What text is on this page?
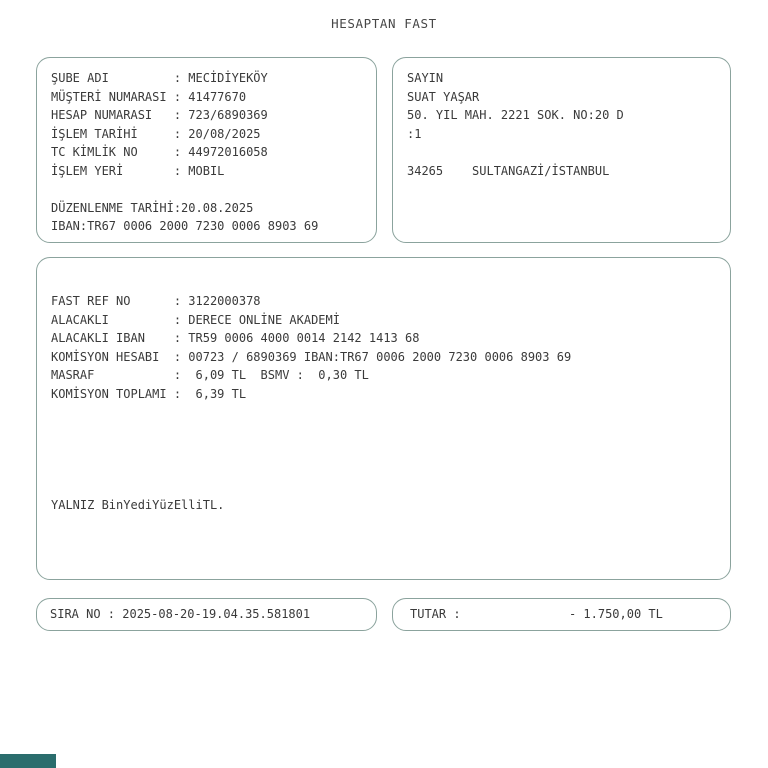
HESAPTAN FAST
ŞUBE ADI         : MECİDİYEKÖY
MÜŞTERİ NUMARASI : 41477670
HESAP NUMARASI   : 723/6890369
İŞLEM TARİHİ     : 20/08/2025
TC KİMLİK NO     : 44972016058
İŞLEM YERİ       : MOBIL
DÜZENLENME TARİHİ:20.08.2025
IBAN:TR67 0006 2000 7230 0006 8903 69
SAYIN
SUAT YAŞAR
50. YIL MAH. 2221 SOK. NO:20 D
:1
34265    SULTANGAZİ/İSTANBUL
FAST REF NO      : 3122000378
ALACAKLI         : DERECE ONLİNE AKADEMİ
ALACAKLI IBAN    : TR59 0006 4000 0014 2142 1413 68
KOMİSYON HESABI  : 00723 / 6890369 IBAN:TR67 0006 2000 7230 0006 8903 69
MASRAF           :  6,09 TL  BSMV :  0,30 TL
KOMİSYON TOPLAMI :  6,39 TL
YALNIZ BinYediYüzElliTL.
SIRA NO : 2025-08-20-19.04.35.581801	TUTAR :               - 1.750,00 TL
